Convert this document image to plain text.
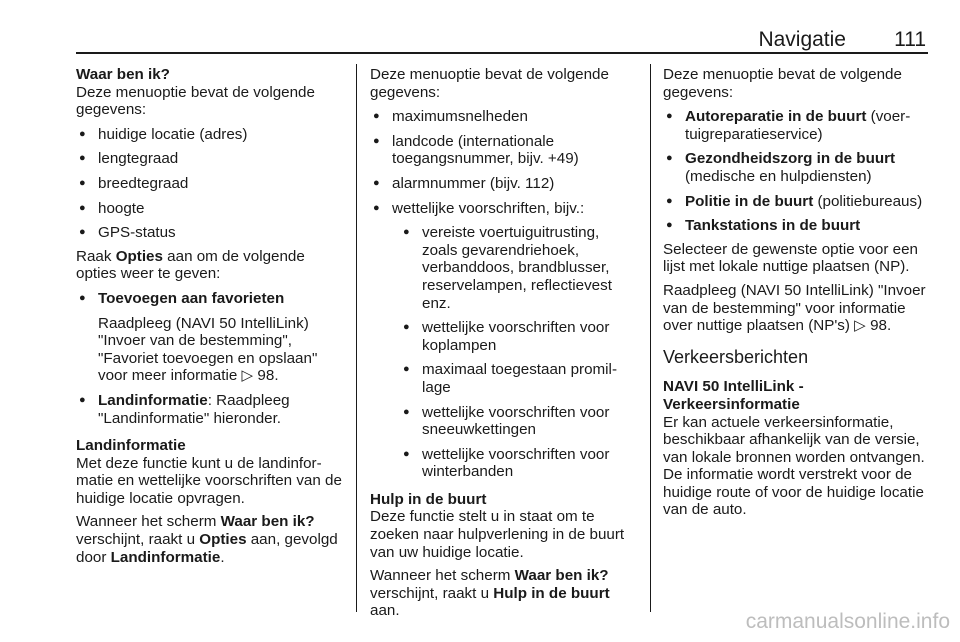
Navigatie 111

Waar ben ik?

Deze menuoptie bevat de volgende gegevens:

● huidige locatie (adres)
● lengtegraad
● breedtegraad
● hoogte
● GPS-status

Raak Opties aan om de volgende opties weer te geven:

● Toevoegen aan favorieten
Raadpleeg (NAVI 50 IntelliLink) "Invoer van de bestemming", "Favoriet toevoegen en opslaan" voor meer informatie ▷ 98.
● Landinformatie: Raadpleeg "Landinformatie" hieronder.

Landinformatie

Met deze functie kunt u de landinformatie en wettelijke voorschriften van de huidige locatie opvragen.

Wanneer het scherm Waar ben ik? verschijnt, raakt u Opties aan, gevolgd door Landinformatie.

Deze menuoptie bevat de volgende gegevens:

● maximumsnelheden
● landcode (internationale toegangsnummer, bijv. +49)
● alarmnummer (bijv. 112)
● wettelijke voorschriften, bijv.:
● vereiste voertuiguitrusting, zoals gevarendriehoek, verbanddoos, brandblusser, reservelampen, reflectievest enz.
● wettelijke voorschriften voor koplampen
● maximaal toegestaan promillage
● wettelijke voorschriften voor sneeuwkettingen
● wettelijke voorschriften voor winterbanden

Hulp in de buurt

Deze functie stelt u in staat om te zoeken naar hulpverlening in de buurt van uw huidige locatie.

Wanneer het scherm Waar ben ik? verschijnt, raakt u Hulp in de buurt aan.

Deze menuoptie bevat de volgende gegevens:

● Autoreparatie in de buurt (voertuigreparatieservice)
● Gezondheidszorg in de buurt (medische en hulpdiensten)
● Politie in de buurt (politiebureaus)
● Tankstations in de buurt

Selecteer de gewenste optie voor een lijst met lokale nuttige plaatsen (NP).

Raadpleeg (NAVI 50 IntelliLink) "Invoer van de bestemming" voor informatie over nuttige plaatsen (NP's) ▷ 98.

Verkeersberichten

NAVI 50 IntelliLink - Verkeersinformatie

Er kan actuele verkeersinformatie, beschikbaar afhankelijk van de versie, van lokale bronnen worden ontvangen. De informatie wordt verstrekt voor de huidige route of voor de huidige locatie van de auto.

carmanualsonline.info
